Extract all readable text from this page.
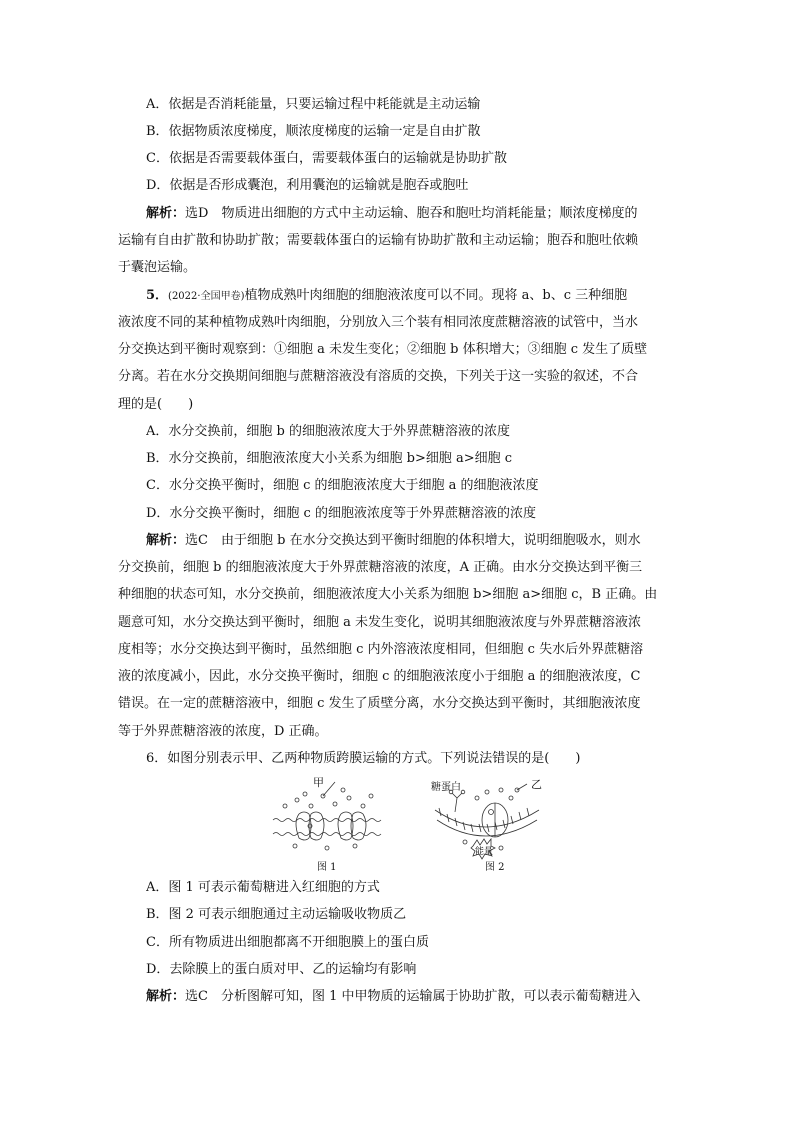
A．依据是否消耗能量，只要运输过程中耗能就是主动运输
B．依据物质浓度梯度，顺浓度梯度的运输一定是自由扩散
C．依据是否需要载体蛋白，需要载体蛋白的运输就是协助扩散
D．依据是否形成囊泡，利用囊泡的运输就是胞吞或胞吐
解析：选D　 物质进出细胞的方式中主动运输、胞吞和胞吐均消耗能量；顺浓度梯度的
运输有自由扩散和协助扩散；需要载体蛋白的运输有协助扩散和主动运输；胞吞和胞吐依赖
于囊泡运输。
5．(2022·全国甲卷)植物成熟叶肉细胞的细胞液浓度可以不同。现将 a、b、c 三种细胞
液浓度不同的某种植物成熟叶肉细胞，分别放入三个装有相同浓度蔗糖溶液的试管中，当水
分交换达到平衡时观察到：①细胞 a 未发生变化；②细胞 b 体积增大；③细胞 c 发生了质壁
分离。若在水分交换期间细胞与蔗糖溶液没有溶质的交换，下列关于这一实验的叙述，不合
理的是(　　)
A．水分交换前，细胞 b 的细胞液浓度大于外界蔗糖溶液的浓度
B．水分交换前，细胞液浓度大小关系为细胞 b>细胞 a>细胞 c
C．水分交换平衡时，细胞 c 的细胞液浓度大于细胞 a 的细胞液浓度
D．水分交换平衡时，细胞 c 的细胞液浓度等于外界蔗糖溶液的浓度
解析：选C　 由于细胞 b 在水分交换达到平衡时细胞的体积增大，说明细胞吸水，则水
分交换前，细胞 b 的细胞液浓度大于外界蔗糖溶液的浓度，A 正确。由水分交换达到平衡三
种细胞的状态可知，水分交换前，细胞液浓度大小关系为细胞 b>细胞 a>细胞 c，B 正确。由
题意可知，水分交换达到平衡时，细胞 a 未发生变化，说明其细胞液浓度与外界蔗糖溶液浓
度相等；水分交换达到平衡时，虽然细胞 c 内外溶液浓度相同，但细胞 c 失水后外界蔗糖溶
液的浓度减小，因此，水分交换平衡时，细胞 c 的细胞液浓度小于细胞 a 的细胞液浓度，C
错误。在一定的蔗糖溶液中，细胞 c 发生了质壁分离，水分交换达到平衡时，其细胞液浓度
等于外界蔗糖溶液的浓度，D 正确。
6．如图分别表示甲、乙两种物质跨膜运输的方式。下列说法错误的是(　　)
甲	乙
糖蛋白
能量
图 1	图 2
A．图 1 可表示葡萄糖进入红细胞的方式
B．图 2 可表示细胞通过主动运输吸收物质乙
C．所有物质进出细胞都离不开细胞膜上的蛋白质
D．去除膜上的蛋白质对甲、乙的运输均有影响
解析：选C　 分析图解可知，图 1 中甲物质的运输属于协助扩散，可以表示葡萄糖进入
